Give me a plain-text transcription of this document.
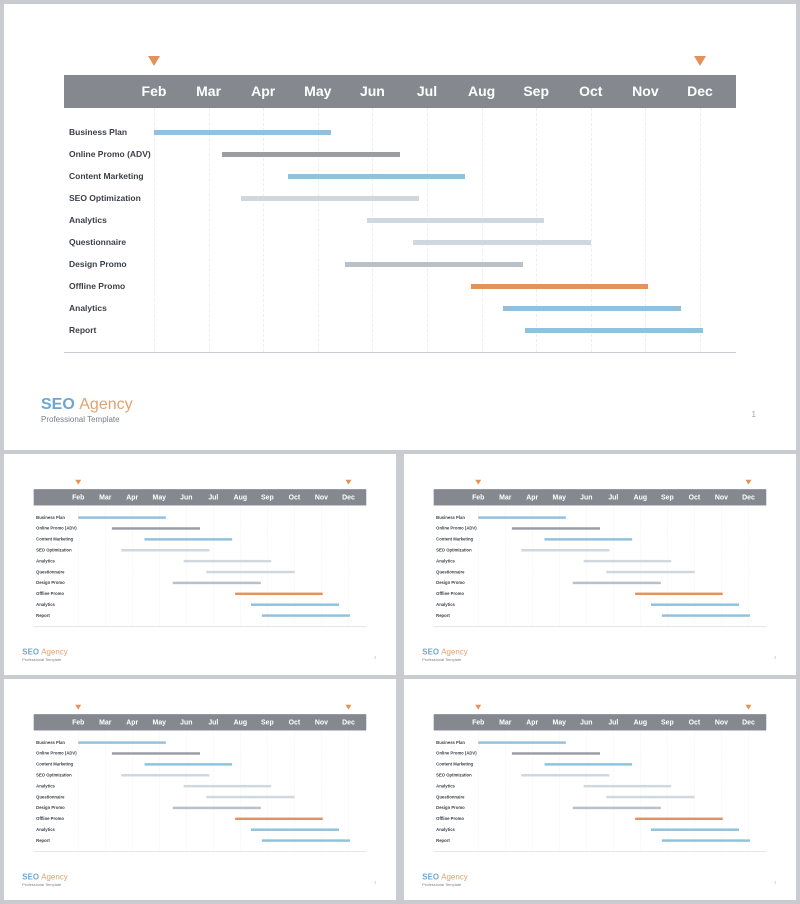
Feb	Mar	Apr	May	Jun	Jul	Aug	Sep	Oct	Nov	Dec
SEO Agency
Professional Template
1
Business Plan
Online Promo (ADV)
Content Marketing
SEO Optimization
Analytics
Questionnaire
Design Promo
Offline Promo
Analytics
Report
Feb	Mar	Apr	May	Jun	Jul	Aug Sep	Oct	Nov	Dec
SEO Agency
Professional Template
1
Business Plan
Online Promo (ADV)
Content Marketing
SEO Optimization
Analytics
Questionnaire
Design Promo
Offline Promo
Analytics
Report
Feb	Mar	Apr	May	Jun	Jul	Aug Sep	Oct	Nov	Dec
SEO Agency
Professional Template
1
Business Plan
Online Promo (ADV)
Content Marketing
SEO Optimization
Analytics
Questionnaire
Design Promo
Offline Promo
Analytics
Report
Feb	Mar	Apr	May	Jun	Jul	Aug Sep	Oct	Nov	Dec
SEO Agency
Professional Template
1
Business Plan
Online Promo (ADV)
Content Marketing
SEO Optimization
Analytics
Questionnaire
Design Promo
Offline Promo
Analytics
Report
Feb	Mar	Apr	May	Jun	Jul	Aug Sep	Oct	Nov	Dec
SEO Agency
Professional Template
1
Business Plan
Online Promo (ADV)
Content Marketing
SEO Optimization
Analytics
Questionnaire
Design Promo
Offline Promo
Analytics
Report
